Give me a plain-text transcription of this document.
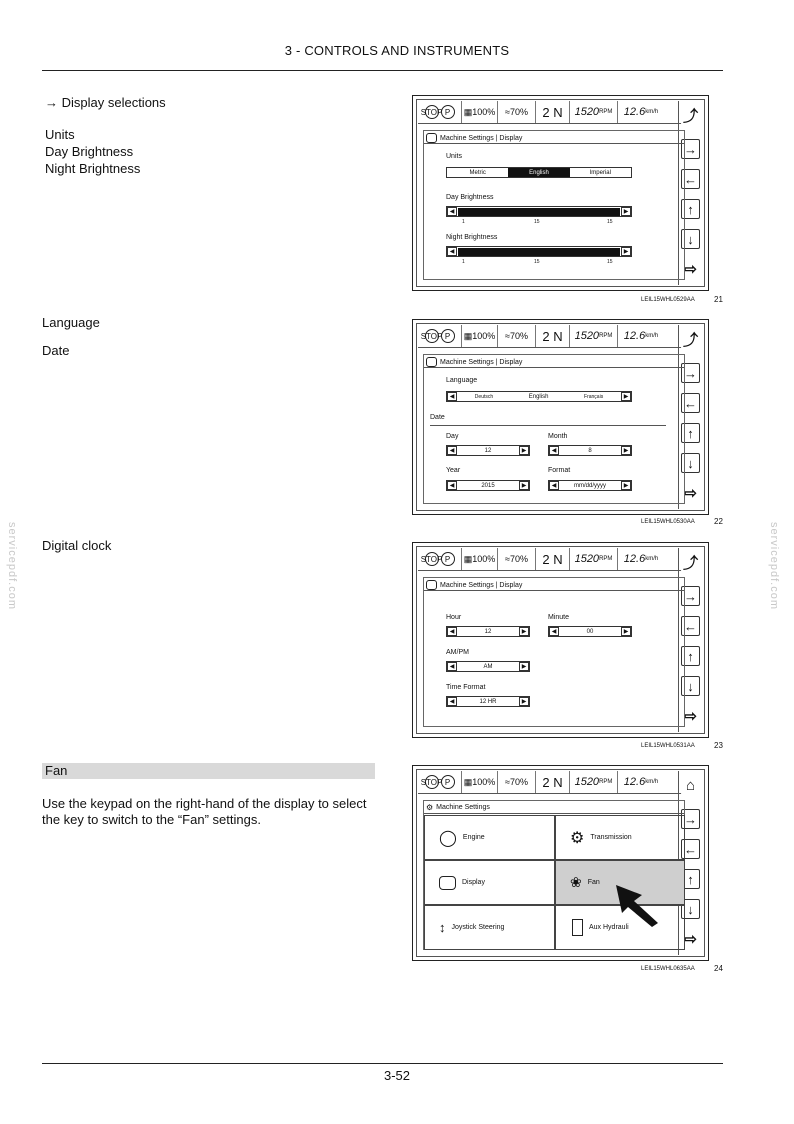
3 - CONTROLS AND INSTRUMENTS
3-52
servicepdf.com	servicepdf.com
→ Display selections
Units
Day Brightness
Night Brightness
Language
Date
Digital clock
Fan
Use the keypad on the right-hand of the display to select the key to switch to the “Fan” settings.
STOP P	▦ 100% ≈ 70%	2 N	1520 RPM 12.6 km/h ⤴
→
←
↑
↓
⇨
Machine Settings | Display
Units
Metric	English	Imperial
Day Brightness
◀	▶
1	15	15
Night Brightness
◀	▶
1	15	15
LEIL15WHL0529AA 21
STOP P	▦ 100% ≈ 70%	2 N	1520 RPM 12.6 km/h ⤴
→
←
↑
↓
⇨
Machine Settings | Display
Language
◀	Deutsch	English	Français	▶
Date
Day
◀	12	▶
Month
◀	8	▶
Year
◀	2015	▶
Format
◀	mm/dd/yyyy	▶
LEIL15WHL0530AA 22
STOP P	▦ 100% ≈ 70%	2 N	1520 RPM 12.6 km/h ⤴
→
←
↑
↓
⇨
Machine Settings | Display
Hour
◀	12	▶
Minute
◀	00	▶
AM/PM
◀	AM	▶
Time Format
◀	12 HR	▶
LEIL15WHL0531AA 23
STOP P	▦ 100% ≈ 70%	2 N	1520 RPM 12.6 km/h	⌂
→
←
↑
↓
⇨
⚙ Machine Settings
◯ Engine	⚙ Transmission
Display	❀ Fan
↕ Joystick Steering	Aux Hydrauli
LEIL15WHL0635AA 24
